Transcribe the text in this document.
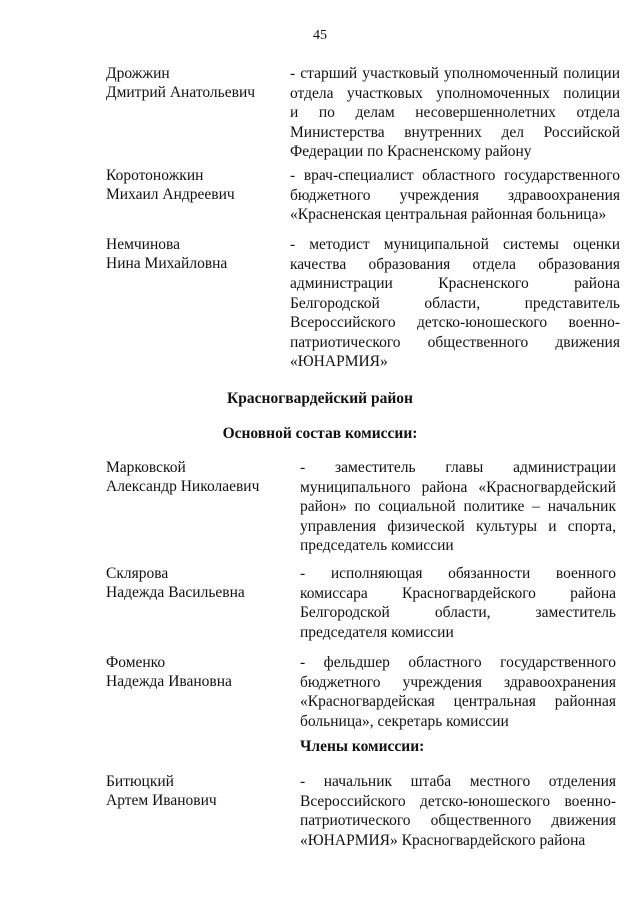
45
Дрожжин
Дмитрий Анатольевич
- старший участковый уполномоченный полиции
отдела участковых уполномоченных полиции
и по делам несовершеннолетних отдела
Министерства внутренних дел Российской
Федерации по Красненскому району
Коротоножкин
Михаил Андреевич
- врач-специалист областного государственного
бюджетного учреждения здравоохранения
«Красненская центральная районная больница»
Немчинова
Нина Михайловна
- методист муниципальной системы оценки
качества образования отдела образования
администрации Красненского района
Белгородской области, представитель
Всероссийского детско-юношеского военно-
патриотического общественного движения
«ЮНАРМИЯ»
Красногвардейский район
Основной состав комиссии:
Марковской
Александр Николаевич
- заместитель главы администрации
муниципального района «Красногвардейский
район» по социальной политике – начальник
управления физической культуры и спорта,
председатель комиссии
Склярова
Надежда Васильевна
- исполняющая обязанности военного
комиссара Красногвардейского района
Белгородской области, заместитель
председателя комиссии
Фоменко
Надежда Ивановна
- фельдшер областного государственного
бюджетного учреждения здравоохранения
«Красногвардейская центральная районная
больница», секретарь комиссии
Члены комиссии:
Битюцкий
Артем Иванович
- начальник штаба местного отделения
Всероссийского детско-юношеского военно-
патриотического общественного движения
«ЮНАРМИЯ» Красногвардейского района
